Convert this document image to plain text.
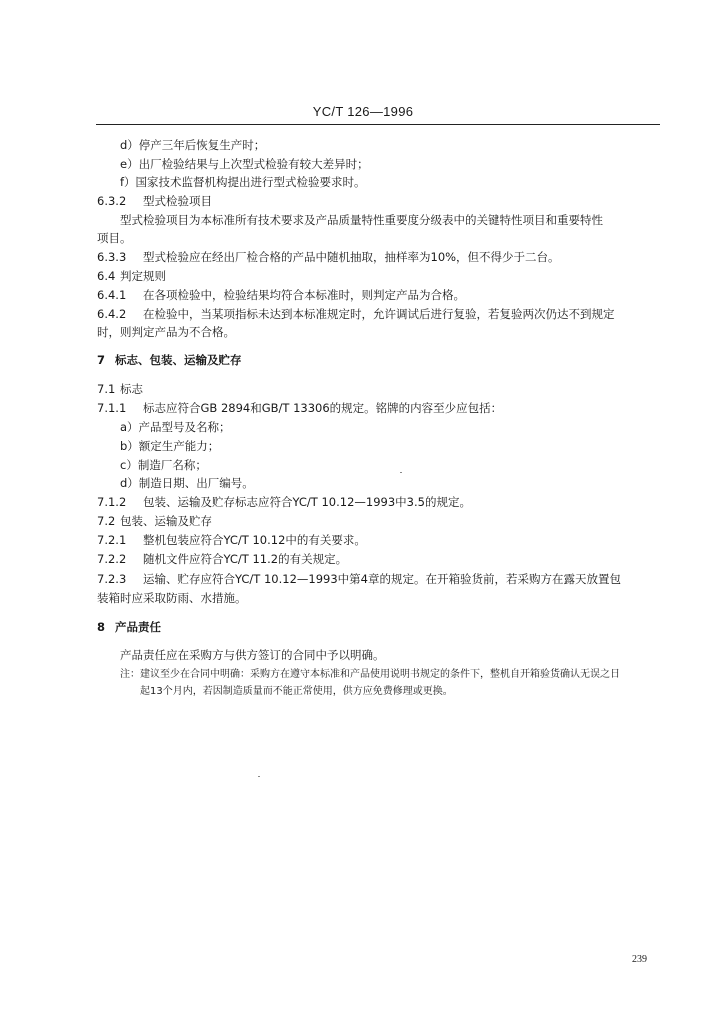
YC/T 126—1996
d）停产三年后恢复生产时；
e）出厂检验结果与上次型式检验有较大差异时；
f）国家技术监督机构提出进行型式检验要求时。
6.3.2 型式检验项目
型式检验项目为本标准所有技术要求及产品质量特性重要度分级表中的关键特性项目和重要特性
项目。
6.3.3 型式检验应在经出厂检合格的产品中随机抽取，抽样率为10%，但不得少于二台。
6.4 判定规则
6.4.1 在各项检验中，检验结果均符合本标准时，则判定产品为合格。
6.4.2 在检验中，当某项指标未达到本标准规定时，允许调试后进行复验，若复验两次仍达不到规定
时，则判定产品为不合格。
7 标志、包装、运输及贮存
7.1 标志
7.1.1 标志应符合GB 2894和GB/T 13306的规定。铭牌的内容至少应包括：
a）产品型号及名称；
b）额定生产能力；
c）制造厂名称；
d）制造日期、出厂编号。
7.1.2 包装、运输及贮存标志应符合YC/T 10.12—1993中3.5的规定。
7.2 包装、运输及贮存
7.2.1 整机包装应符合YC/T 10.12中的有关要求。
7.2.2 随机文件应符合YC/T 11.2的有关规定。
7.2.3 运输、贮存应符合YC/T 10.12—1993中第4章的规定。在开箱验货前，若采购方在露天放置包
装箱时应采取防雨、水措施。
8 产品责任
产品责任应在采购方与供方签订的合同中予以明确。
注：建议至少在合同中明确：采购方在遵守本标准和产品使用说明书规定的条件下，整机自开箱验货确认无误之日
起13个月内，若因制造质量而不能正常使用，供方应免费修理或更换。
239
